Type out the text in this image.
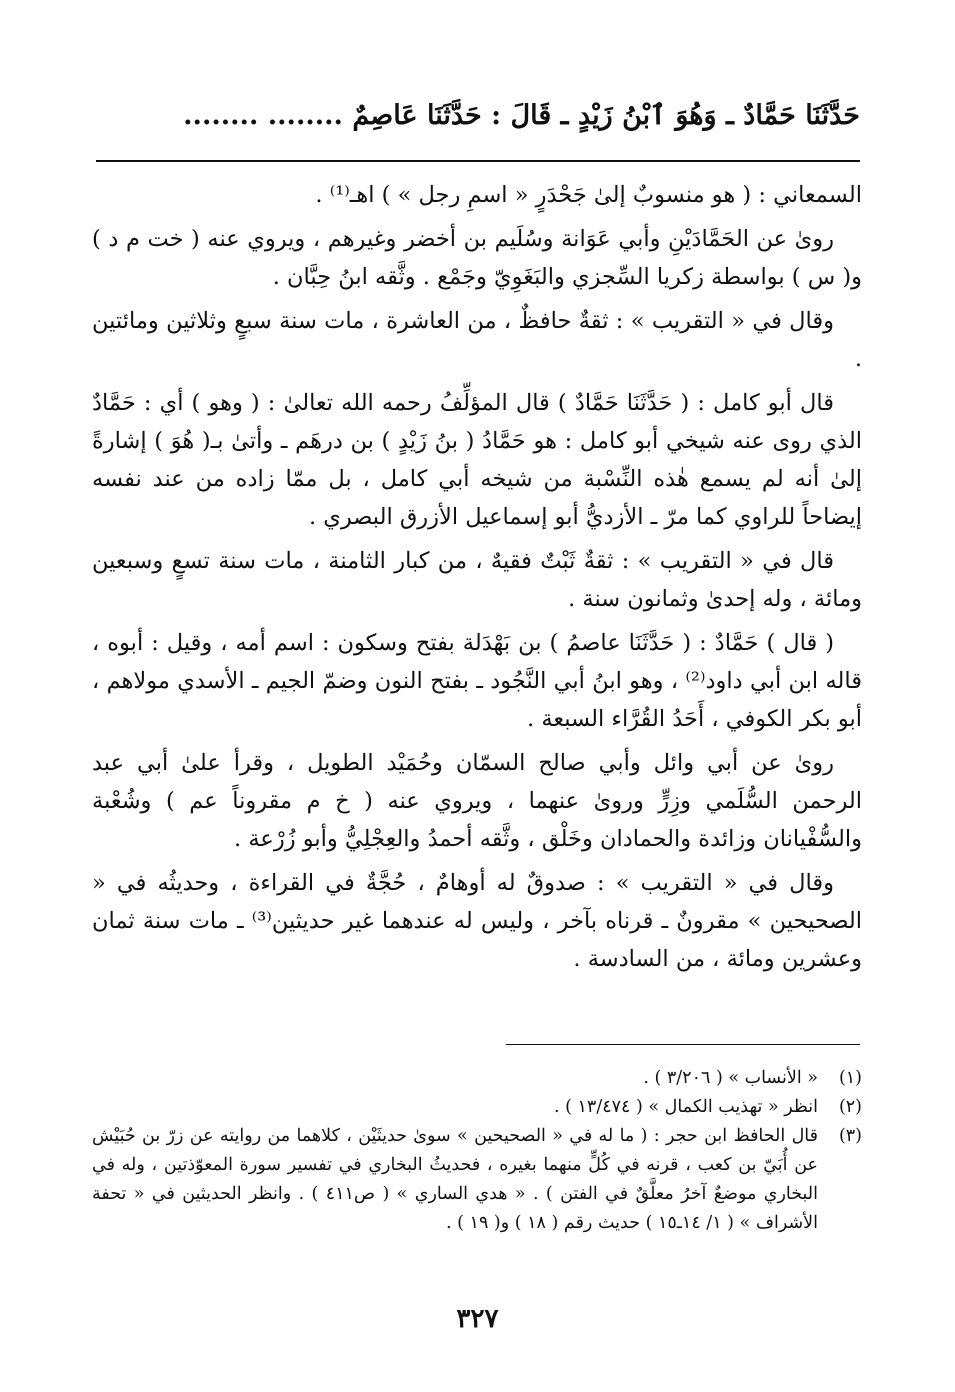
حَدَّثَنَا حَمَّادٌ ـ وَهُوَ ٱبْنُ زَيْدٍ ـ قَالَ : حَدَّثَنَا عَاصِمٌ ........ ........

السمعاني : ( هو منسوبٌ إلىٰ جَحْدَرٍ « اسمِ رجل » ) اهـ⁽¹⁾ .

روىٰ عن الحَمَّادَيْنِ وأبي عَوَانة وسُلَيم بن أخضر وغيرهم ، ويروي عنه ( خت م د ) و( س ) بواسطة زكريا السِّجزي والبَغَوِيّ وجَمْع . وثَّقه ابنُ حِبَّان .

وقال في « التقريب » : ثقةٌ حافظٌ ، من العاشرة ، مات سنة سبعٍ وثلاثين ومائتين .

قال أبو كامل : ( حَدَّثَنَا حَمَّادٌ ) قال المؤلِّفُ رحمه الله تعالىٰ : ( وهو ) أي : حَمَّادٌ الذي روى عنه شيخي أبو كامل : هو حَمَّادُ ( بنُ زَيْدٍ ) بن درهَم ـ وأتىٰ بـ( هُوَ ) إشارةً إلىٰ أنه لم يسمع هٰذه النِّسْبة من شيخه أبي كامل ، بل ممّا زاده من عند نفسه إيضاحاً للراوي كما مرّ ـ الأزديُّ أبو إسماعيل الأزرق البصري .

قال في « التقريب » : ثقةٌ ثَبْتٌ فقيهٌ ، من كبار الثامنة ، مات سنة تسعٍ وسبعين ومائة ، وله إحدىٰ وثمانون سنة .

( قال ) حَمَّادٌ : ( حَدَّثَنَا عاصمُ ) بن بَهْدَلة بفتح وسكون : اسم أمه ، وقيل : أبوه ، قاله ابن أبي داود⁽²⁾ ، وهو ابنُ أبي النَّجُود ـ بفتح النون وضمّ الجيم ـ الأسدي مولاهم ، أبو بكر الكوفي ، أَحَدُ القُرَّاء السبعة .

روىٰ عن أبي وائل وأبي صالح السمّان وحُمَيْد الطويل ، وقرأ علىٰ أبي عبد الرحمن السُّلَمي وزِرٍّ وروىٰ عنهما ، ويروي عنه ( خ م مقروناً عم ) وشُعْبة والسُّفْيانان وزائدة والحمادان وخَلْق ، وثَّقه أحمدُ والعِجْلِيُّ وأبو زُرْعة .

وقال في « التقريب » : صدوقٌ له أوهامٌ ، حُجَّةٌ في القراءة ، وحديثُه في « الصحيحين » مقرونٌ ـ قرناه بآخر ، وليس له عندهما غير حديثين⁽³⁾ ـ مات سنة ثمان وعشرين ومائة ، من السادسة .

(١)
« الأنساب » ( ٣/٢٠٦ ) .
(٢)
انظر « تهذيب الكمال » ( ١٣/٤٧٤ ) .
(٣)
قال الحافظ ابن حجر : ( ما له في « الصحيحين » سوىٰ حديثَيْن ، كلاهما من روايته عن زرّ بن حُبَيْش عن أُبَيّ بن كعب ، قرنه في كُلٍّ منهما بغيره ، فحديثُ البخاري في تفسير سورة المعوّذتين ، وله في البخاري موضعٌ آخرُ معلَّقٌ في الفتن ) . « هدي الساري » ( ص٤١١ ) . وانظر الحديثين في « تحفة الأشراف » ( ١/ ١٤ـ١٥ ) حديث رقم ( ١٨ ) و( ١٩ ) .
٣٢٧
